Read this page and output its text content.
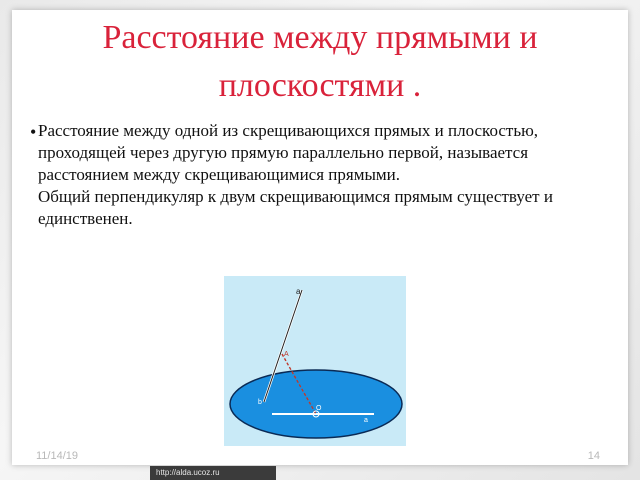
Расстояние между прямыми и плоскостями .
• Расстояние между одной из скрещивающихся прямых и плоскостью, проходящей через другую прямую параллельно первой, называется расстоянием между скрещивающимися прямыми.

Общий перпендикуляр к двум скрещивающимся прямым существует и единственен.

a
A
b
O
a
11/14/19	14
http://alda.ucoz.ru
